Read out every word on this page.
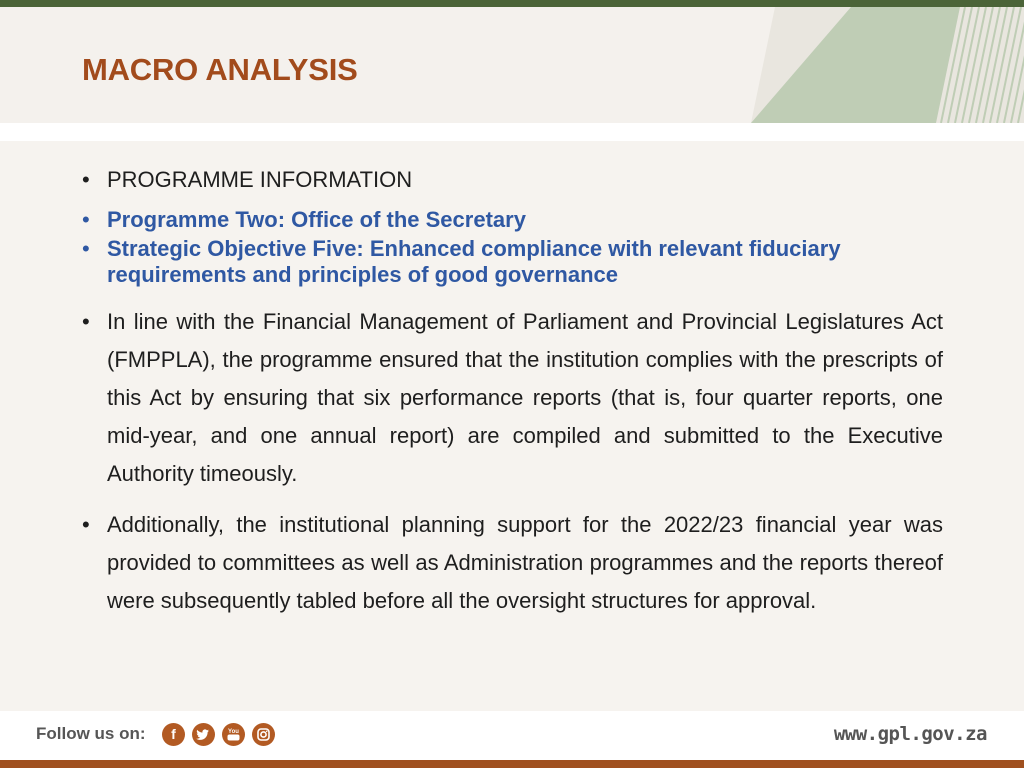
MACRO ANALYSIS
• PROGRAMME INFORMATION
• Programme Two: Office of the Secretary
• Strategic Objective Five: Enhanced compliance with relevant fiduciary requirements and principles of good governance
• In line with the Financial Management of Parliament and Provincial Legislatures Act (FMPPLA), the programme ensured that the institution complies with the prescripts of this Act by ensuring that six performance reports (that is, four quarter reports, one mid-year, and one annual report) are compiled and submitted to the Executive Authority timeously.
• Additionally, the institutional planning support for the 2022/23 financial year was provided to committees as well as Administration programmes and the reports thereof were subsequently tabled before all the oversight structures for approval.
Follow us on:	f	You	www.gpl.gov.za
